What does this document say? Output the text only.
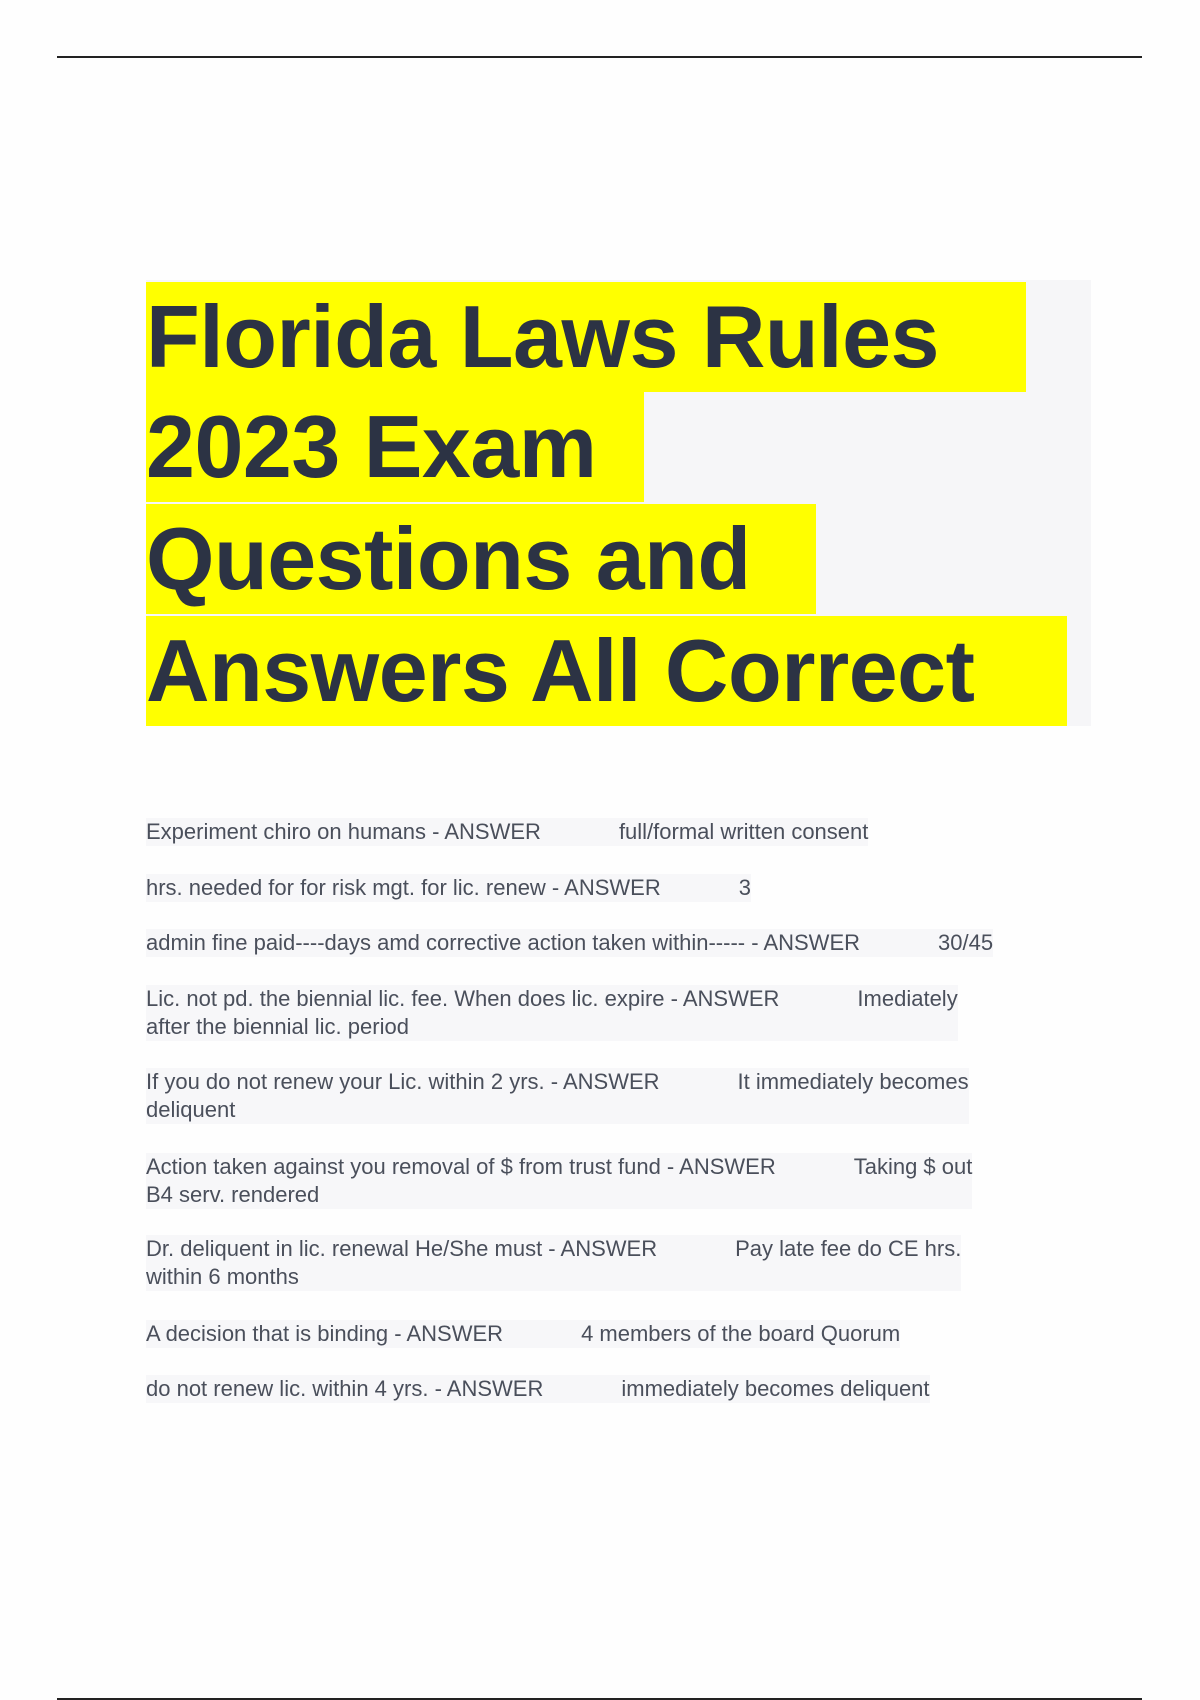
Florida Laws Rules
2023 Exam
Questions and
Answers All Correct
Experiment chiro on humans - ANSWER	full/formal written consent
hrs. needed for for risk mgt. for lic. renew - ANSWER	3
admin fine paid----days amd corrective action taken within----- - ANSWER	30/45
Lic. not pd. the biennial lic. fee. When does lic. expire - ANSWER	Imediately
after the biennial lic. period
If you do not renew your Lic. within 2 yrs. - ANSWER	It immediately becomes
deliquent
Action taken against you removal of $ from trust fund - ANSWER	Taking $ out
B4 serv. rendered
Dr. deliquent in lic. renewal He/She must - ANSWER	Pay late fee do CE hrs.
within 6 months
A decision that is binding - ANSWER	4 members of the board Quorum
do not renew lic. within 4 yrs. - ANSWER	immediately becomes deliquent
